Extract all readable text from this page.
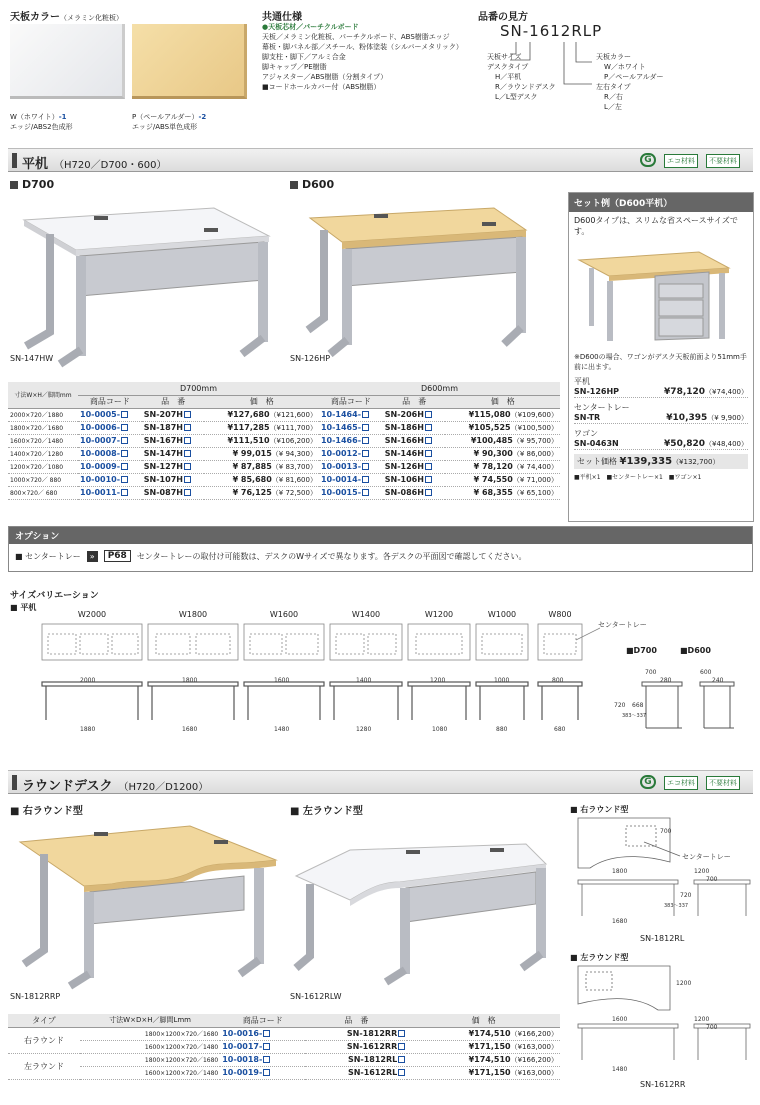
天板カラー（メラミン化粧板）
W（ホワイト）-1
エッジ/ABS2色成形
P（ペールアルダー）-2
エッジ/ABS単色成形
共通仕様
●天板芯材／パーチクルボード
天板／メラミン化粧板、パーチクルボード、ABS樹脂エッジ
幕板・脚パネル部／スチール、粉体塗装（シルバーメタリック）
脚支柱・脚下／アルミ合金
脚キャップ／PE樹脂
アジャスター／ABS樹脂（分割タイプ）
■コードホールカバー付（ABS樹脂）
品番の見方
SN-1612RLP
天板サイズ
デスクタイプ
H／平机
R／ラウンドデスク
L／L型デスク
天板カラー
W／ホワイト
P／ペールアルダー
左右タイプ
R／右
L／左
平机 （H720／D700・600）	G	エコ材料	不要材料
D700	D600
SN-147HW	SN-126HP
セット例（D600平机）
D600タイプは、スリムな省スペースサイズです。
※D600の場合、ワゴンがデスク天板前面より51mm手前に出ます。
平机
SN-126HP	¥78,120（¥74,400）
センタートレー
SN-TR	¥10,395（¥ 9,900）
ワゴン
SN-0463N	¥50,820（¥48,400）
セット価格 ¥139,335（¥132,700）
■平机×1　■センタートレー×1　■ワゴン×1
寸法W×H／脚間mm	D700mm			D600mm		
	商品コード	品　番	価　格	商品コード	品　番	価　格
2000×720／1880	10-0005-	SN-207H	¥127,680（¥121,600）	10-1464-	SN-206H	¥115,080（¥109,600）
1800×720／1680	10-0006-	SN-187H	¥117,285（¥111,700）	10-1465-	SN-186H	¥105,525（¥100,500）
1600×720／1480	10-0007-	SN-167H	¥111,510（¥106,200）	10-1466-	SN-166H	¥100,485（¥ 95,700）
1400×720／1280	10-0008-	SN-147H	¥ 99,015（¥ 94,300）	10-0012-	SN-146H	¥ 90,300（¥ 86,000）
1200×720／1080	10-0009-	SN-127H	¥ 87,885（¥ 83,700）	10-0013-	SN-126H	¥ 78,120（¥ 74,400）
1000×720／ 880	10-0010-	SN-107H	¥ 85,680（¥ 81,600）	10-0014-	SN-106H	¥ 74,550（¥ 71,000）
800×720／ 680	10-0011-	SN-087H	¥ 76,125（¥ 72,500）	10-0015-	SN-086H	¥ 68,355（¥ 65,100）
オプション
■ センタートレー	»	P68	センタートレーの取付け可能数は、デスクのWサイズで異なります。各デスクの平面図で確認してください。
サイズバリエーション
■ 平机
W2000	W1800	W1600	W1400	W1200	W1000	W800
センタートレー
2000	1800	1600	1400	1200	1000	800
1880	1680	1480	1280	1080	880	680
■D700	■D600
700
280
600
240
720
383～337
668
ラウンドデスク （H720／D1200）	G	エコ材料	不要材料
■ 右ラウンド型	■ 左ラウンド型
SN-1812RRP	SN-1612RLW
■ 右ラウンド型
センタートレー
1800	1200
700
700
720
383～337
1680
SN-1812RL
■ 左ラウンド型
1200
1600	1200
700
1480
SN-1612RR
タイプ	寸法W×D×H／脚間Lmm	商品コード	品　番	価　格
右ラウンド	1800×1200×720／1680	10-0016-	SN-1812RR	¥174,510（¥166,200）
	1600×1200×720／1480	10-0017-	SN-1612RR	¥171,150（¥163,000）
左ラウンド	1800×1200×720／1680	10-0018-	SN-1812RL	¥174,510（¥166,200）
	1600×1200×720／1480	10-0019-	SN-1612RL	¥171,150（¥163,000）
